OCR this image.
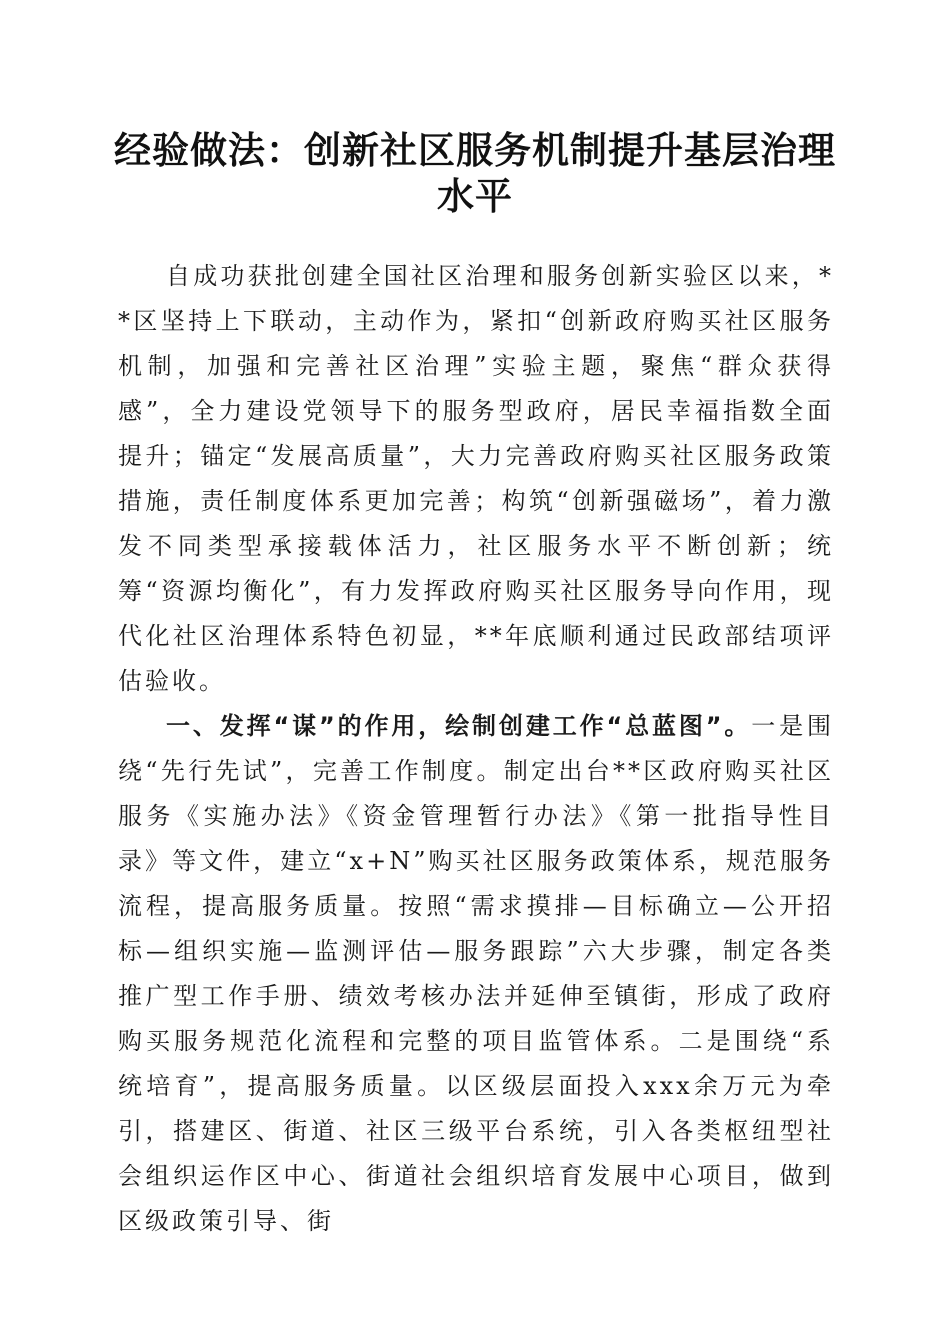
经验做法：创新社区服务机制提升基层治理水平

自成功获批创建全国社区治理和服务创新实验区以来，**区坚持上下联动，主动作为，紧扣“创新政府购买社区服务机制，加强和完善社区治理”实验主题，聚焦“群众获得感”，全力建设党领导下的服务型政府，居民幸福指数全面提升；锚定“发展高质量”，大力完善政府购买社区服务政策措施，责任制度体系更加完善；构筑“创新强磁场”，着力激发不同类型承接载体活力，社区服务水平不断创新；统筹“资源均衡化”，有力发挥政府购买社区服务导向作用，现代化社区治理体系特色初显，**年底顺利通过民政部结项评估验收。

一、发挥“谋”的作用，绘制创建工作“总蓝图”。一是围绕“先行先试”，完善工作制度。制定出台**区政府购买社区服务《实施办法》《资金管理暂行办法》《第一批指导性目录》等文件，建立“x+N”购买社区服务政策体系，规范服务流程，提高服务质量。按照“需求摸排—目标确立—公开招标—组织实施—监测评估—服务跟踪”六大步骤，制定各类推广型工作手册、绩效考核办法并延伸至镇街，形成了政府购买服务规范化流程和完整的项目监管体系。二是围绕“系统培育”，提高服务质量。以区级层面投入xxx余万元为牵引，搭建区、街道、社区三级平台系统，引入各类枢纽型社会组织运作区中心、街道社会组织培育发展中心项目，做到区级政策引导、街
